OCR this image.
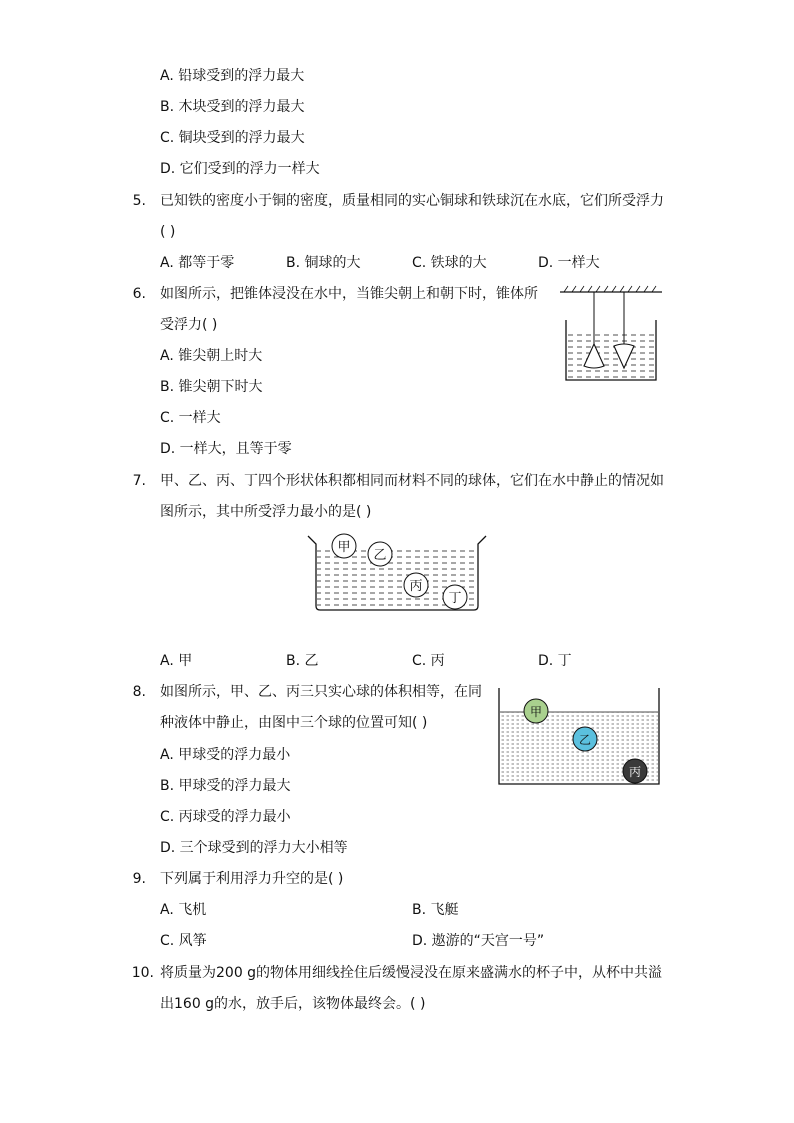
A. 铅球受到的浮力最大
B. 木块受到的浮力最大
C. 铜块受到的浮力最大
D. 它们受到的浮力一样大
5. 已知铁的密度小于铜的密度，质量相同的实心铜球和铁球沉在水底，它们所受浮力
( )
A. 都等于零	B. 铜球的大	C. 铁球的大	D. 一样大
6. 如图所示，把锥体浸没在水中，当锥尖朝上和朝下时，锥体所
受浮力( )
A. 锥尖朝上时大
B. 锥尖朝下时大
C. 一样大
D. 一样大，且等于零
7. 甲、乙、丙、丁四个形状体积都相同而材料不同的球体，它们在水中静止的情况如
图所示，其中所受浮力最小的是( )
甲
乙
丙
丁
A. 甲	B. 乙	C. 丙	D. 丁
8. 如图所示，甲、乙、丙三只实心球的体积相等，在同
种液体中静止，由图中三个球的位置可知( )
A. 甲球受的浮力最小
B. 甲球受的浮力最大
C. 丙球受的浮力最小
D. 三个球受到的浮力大小相等
甲
乙
丙
9. 下列属于利用浮力升空的是( )
A. 飞机	B. 飞艇
C. 风筝	D. 遨游的“天宫一号”
10. 将质量为200 g的物体用细线拴住后缓慢浸没在原来盛满水的杯子中，从杯中共溢
出160 g的水，放手后，该物体最终会。( )
